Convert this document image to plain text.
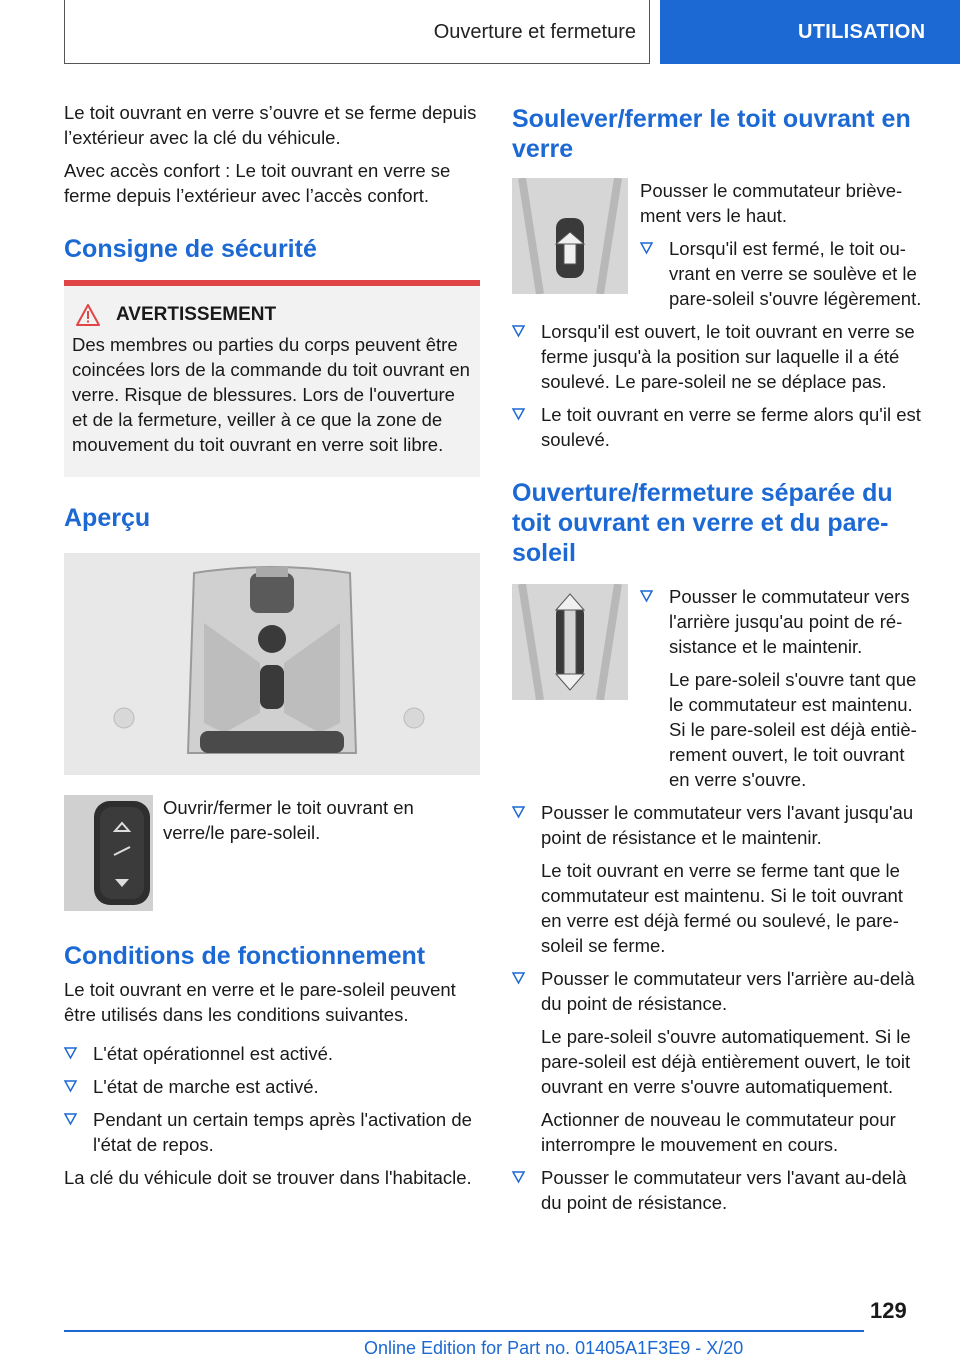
Ouverture et fermeture	UTILISATION

Le toit ouvrant en verre s’ouvre et se ferme depuis l’extérieur avec la clé du véhicule.

Avec accès confort : Le toit ouvrant en verre se ferme depuis l’extérieur avec l’accès confort.

Consigne de sécurité
AVERTISSEMENT
Des membres ou parties du corps peuvent être coincées lors de la commande du toit ouvrant en verre. Risque de blessures. Lors de l'ouverture et de la fermeture, veiller à ce que la zone de mouvement du toit ouvrant en verre soit libre.
Aperçu
Ouvrir/fermer le toit ouvrant en verre/le pare-soleil.
Conditions de fonctionnement

Le toit ouvrant en verre et le pare-soleil peuvent être utilisés dans les conditions suivantes.

L'état opérationnel est activé.
L'état de marche est activé.
Pendant un certain temps après l'activation de l'état de repos.

La clé du véhicule doit se trouver dans l'habitacle.

Soulever/fermer le toit ouvrant en verre

Pousser le commutateur brièvement vers le haut.

Lorsqu'il est fermé, le toit ouvrant en verre se soulève et le pare-soleil s'ouvre légèrement.
Lorsqu'il est ouvert, le toit ouvrant en verre se ferme jusqu'à la position sur laquelle il a été soulevé. Le pare-soleil ne se déplace pas.
Le toit ouvrant en verre se ferme alors qu'il est soulevé.
Ouverture/fermeture séparée du toit ouvrant en verre et du pare-soleil
Pousser le commutateur vers l'arrière jusqu'au point de résistance et le maintenir.
Le pare-soleil s'ouvre tant que le commutateur est maintenu. Si le pare-soleil est déjà entièrement ouvert, le toit ouvrant en verre s'ouvre.
Pousser le commutateur vers l'avant jusqu'au point de résistance et le maintenir.
Le toit ouvrant en verre se ferme tant que le commutateur est maintenu. Si le toit ouvrant en verre est déjà fermé ou soulevé, le pare-soleil se ferme.
Pousser le commutateur vers l'arrière au-delà du point de résistance.
Le pare-soleil s'ouvre automatiquement. Si le pare-soleil est déjà entièrement ouvert, le toit ouvrant en verre s'ouvre automatiquement.
Actionner de nouveau le commutateur pour interrompre le mouvement en cours.
Pousser le commutateur vers l'avant au-delà du point de résistance.
129
Online Edition for Part no. 01405A1F3E9 - X/20
